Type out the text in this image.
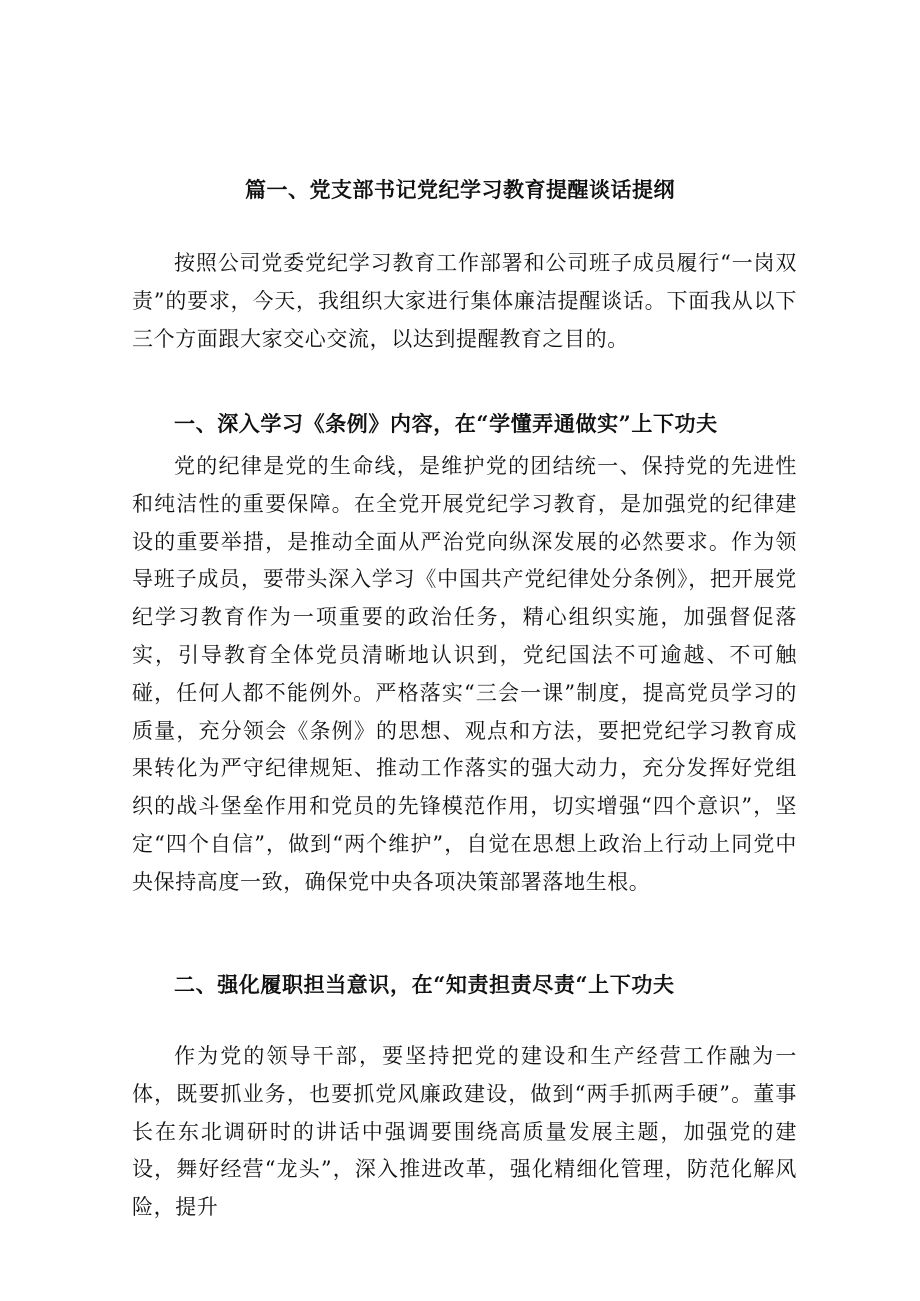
篇一、党支部书记党纪学习教育提醒谈话提纲

按照公司党委党纪学习教育工作部署和公司班子成员履行“一岗双责”的要求，今天，我组织大家进行集体廉洁提醒谈话。下面我从以下三个方面跟大家交心交流，以达到提醒教育之目的。

一、深入学习《条例》内容，在“学懂弄通做实”上下功夫

党的纪律是党的生命线，是维护党的团结统一、保持党的先进性和纯洁性的重要保障。在全党开展党纪学习教育，是加强党的纪律建设的重要举措，是推动全面从严治党向纵深发展的必然要求。作为领导班子成员，要带头深入学习《中国共产党纪律处分条例》，把开展党纪学习教育作为一项重要的政治任务，精心组织实施，加强督促落实，引导教育全体党员清晰地认识到，党纪国法不可逾越、不可触碰，任何人都不能例外。严格落实“三会一课”制度，提高党员学习的质量，充分领会《条例》的思想、观点和方法，要把党纪学习教育成果转化为严守纪律规矩、推动工作落实的强大动力，充分发挥好党组织的战斗堡垒作用和党员的先锋模范作用，切实增强“四个意识”，坚定“四个自信”，做到“两个维护”，自觉在思想上政治上行动上同党中央保持高度一致，确保党中央各项决策部署落地生根。

二、强化履职担当意识，在“知责担责尽责“上下功夫

作为党的领导干部，要坚持把党的建设和生产经营工作融为一体，既要抓业务，也要抓党风廉政建设，做到“两手抓两手硬”。董事长在东北调研时的讲话中强调要围绕高质量发展主题，加强党的建设，舞好经营“龙头”，深入推进改革，强化精细化管理，防范化解风险，提升
